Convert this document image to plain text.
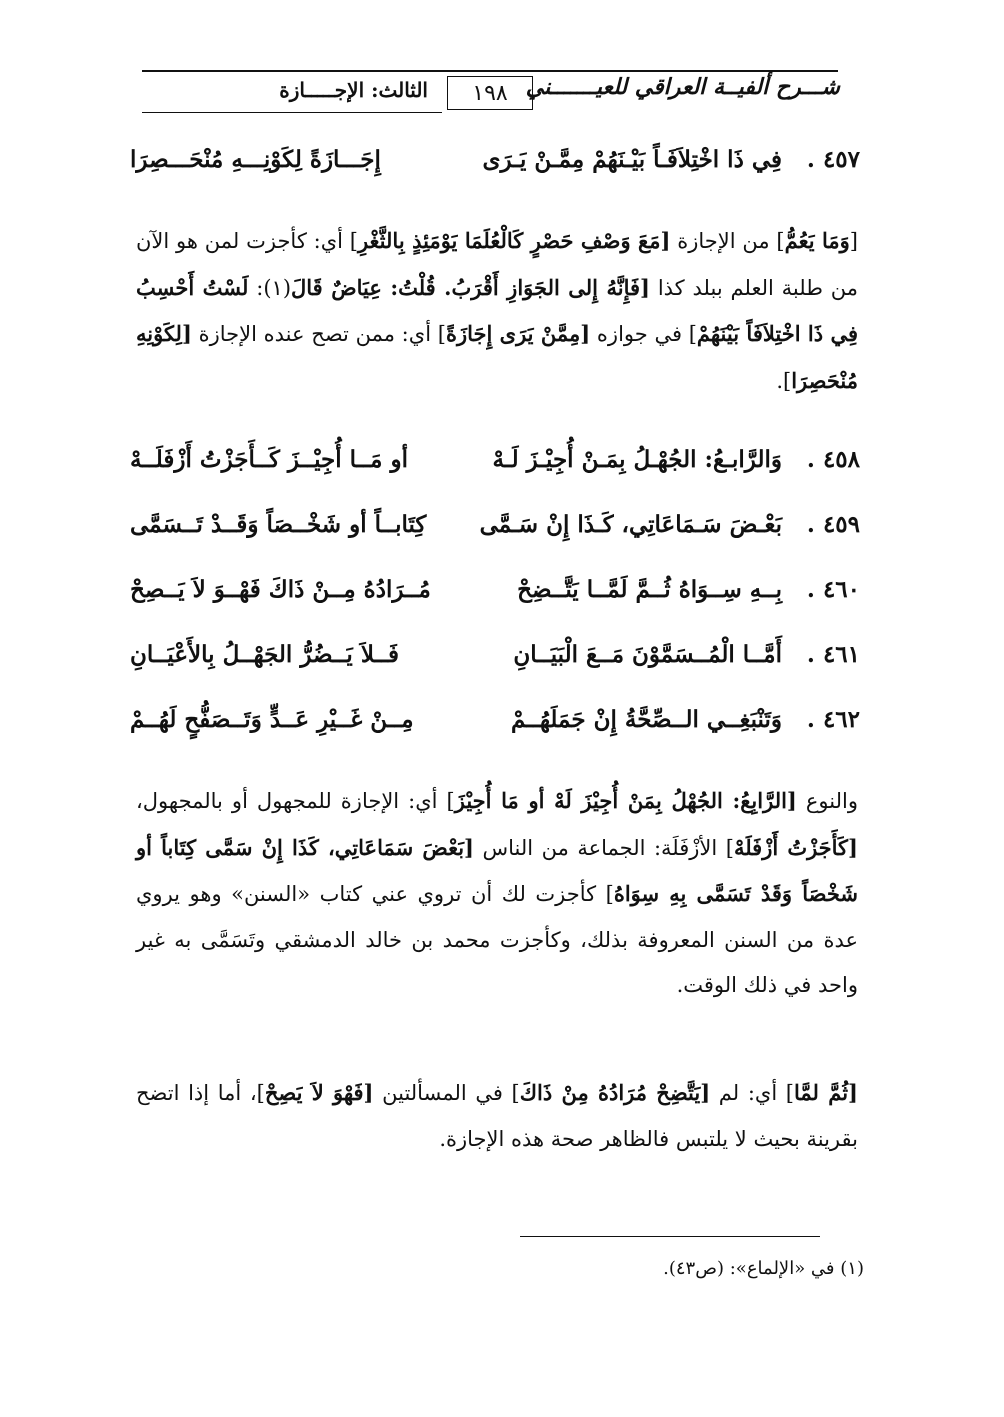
شـــرح ألفيــة العراقي للعيـــــــني
١٩٨
الثالث: الإجـــــازة
٤٥٧ .
فِي ذَا اخْتِلاَفَـاً بَيْـنَهُمْ مِمَّـنْ يَـرَى
إِجَـــازَةً لِكَوْنِـــهِ مُنْحَـــصِرَا
[وَمَا يَعُمُّ] من الإجازة [مَعَ وَصْفِ حَصْرٍ كَالْعُلَمَا يَوْمَئِذٍ بِالثَّغْرِ] أي: كأجزت لمن هو الآن من طلبة العلم ببلد كذا [فَإِنَّهُ إِلى الجَوَازِ أَقْرَبُ. قُلْتُ: عِيَاضٌ قَالَ(١): لَسْتُ أَحْسِبُ فِي ذَا اخْتِلاَفَاً بَيْنَهُمْ] في جوازه [مِمَّنْ يَرَى إِجَازَةً] أي: ممن تصح عنده الإجازة [لِكَوْنِهِ مُنْحَصِرَا].
٤٥٨ .
وَالرَّابـعُ: الجُهْـلُ بِمَـنْ أُجِيْـزَ لَـهْ
أو مَــا أُجِيْــزَ كَــأَجَزْتُ أَزْفَلَــهْ
٤٥٩ .
بَعْـضَ سَـمَاعَاتِي، كَـذَا إِنْ سَـمَّى
كِتَابــاً أو شَخْــصَاً وَقَــدْ تَــسَمَّى
٤٦٠ .
بِــهِ سِــوَاهُ ثُــمَّ لَمَّــا يَتَّــضِحْ
مُــرَادُهُ مِــنْ ذَاكَ فَهْــوَ لاَ يَــصِحْ
٤٦١ .
أَمَّــا الْمُــسَمَّوْنَ مَــعَ الْبَيَــانِ
فَــلاَ يَــضُرُّ الجَهْــلُ بِالأَعْيَــانِ
٤٦٢ .
وَتَنْبَغِــي الــصِّحَّةُ إِنْ جَمَلَهُــمْ
مِــنْ غَــيْرِ عَــدٍّ وَتَــصَفُّحٍ لَهُــمْ
والنوع [الرَّابِعُ: الجُهْلُ بِمَنْ أُجِيْزَ لَهْ أو مَا أُجِيْزَ] أي: الإجازة للمجهول أو بالمجهول، [كَأَجَزْتُ أَزْفَلَهْ] الأزْفَلَة: الجماعة من الناس [بَعْضَ سَمَاعَاتِي، كَذَا إِنْ سَمَّى كِتَاباً أو شَخْصَاً وَقَدْ تَسَمَّى بِهِ سِوَاهُ] كأجزت لك أن تروي عني كتاب «السنن» وهو يروي عدة من السنن المعروفة بذلك، وكأجزت محمد بن خالد الدمشقي وتَسَمَّى به غير واحد في ذلك الوقت.
[ثُمَّ لمَّا] أي: لم [يَتَّضِحْ مُرَادُهُ مِنْ ذَاكَ] في المسألتين [فَهْوَ لاَ يَصِحْ]، أما إذا اتضح بقرينة بحيث لا يلتبس فالظاهر صحة هذه الإجازة.
(١) في «الإلماع»: (ص٤٣).
